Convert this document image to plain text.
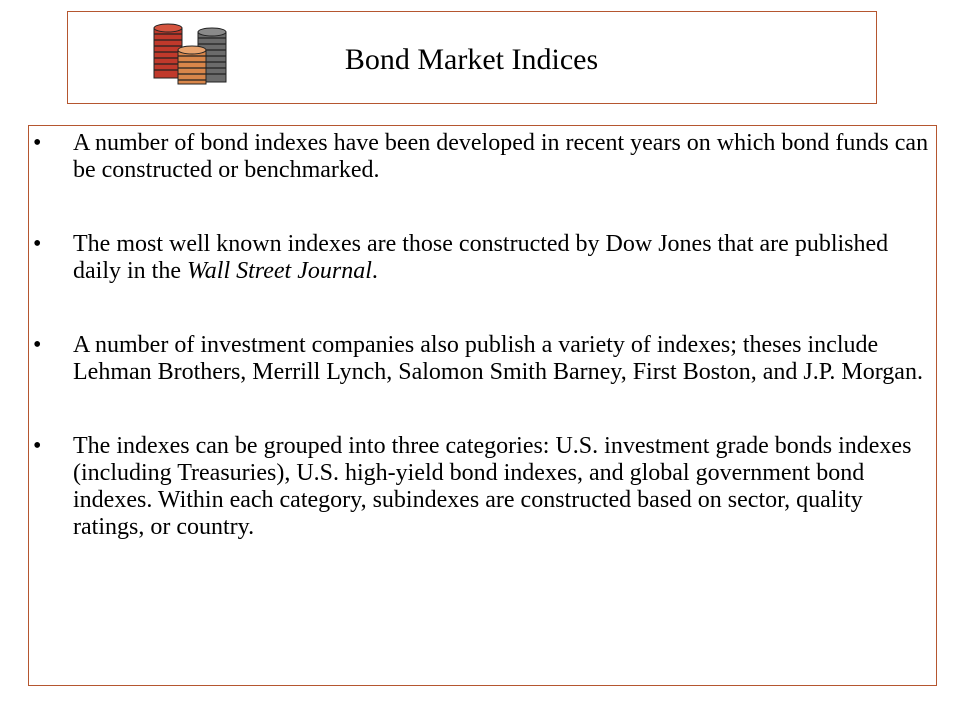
Bond Market Indices
• A number of bond indexes have been developed in recent years on which bond funds can be constructed or benchmarked.
• The most well known indexes are those constructed by Dow Jones that are published daily in the Wall Street Journal.
• A number of investment companies also publish a variety of indexes; theses include Lehman Brothers, Merrill Lynch, Salomon Smith Barney, First Boston, and J.P. Morgan.
• The indexes can be grouped into three categories: U.S. investment grade bonds indexes (including Treasuries), U.S. high-yield bond indexes, and global government bond indexes. Within each category, subindexes are constructed based on sector, quality ratings, or country.
